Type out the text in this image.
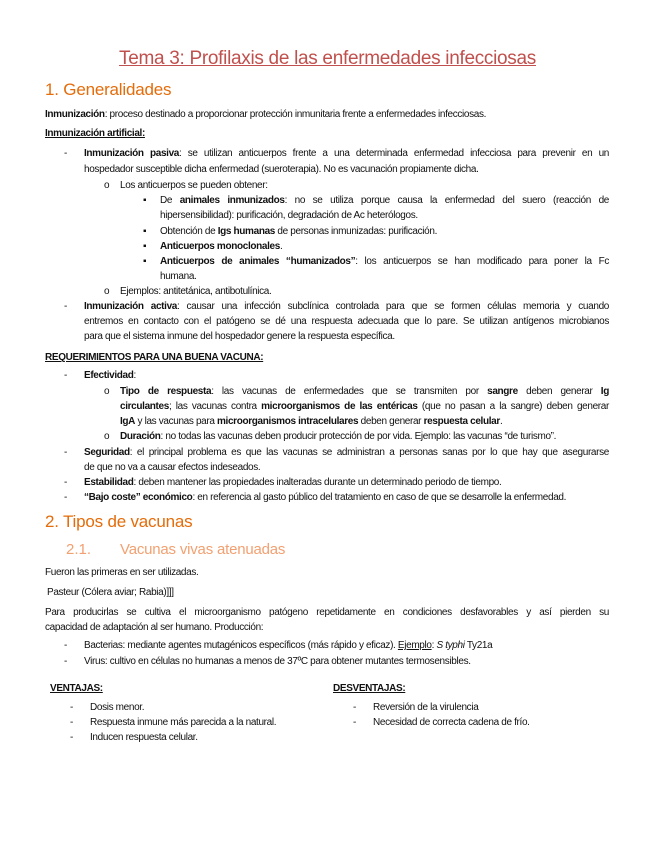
Tema 3: Profilaxis de las enfermedades infecciosas
1. Generalidades
Inmunización: proceso destinado a proporcionar protección inmunitaria frente a enfermedades infecciosas.
Inmunización artificial:
- Inmunización pasiva: se utilizan anticuerpos frente a una determinada enfermedad infecciosa para prevenir en un
hospedador susceptible dicha enfermedad (sueroterapia). No es vacunación propiamente dicha.
o Los anticuerpos se pueden obtener:
▪ De animales inmunizados: no se utiliza porque causa la enfermedad del suero (reacción de
hipersensibilidad): purificación, degradación de Ac heterólogos.
▪ Obtención de Igs humanas de personas inmunizadas: purificación.
▪ Anticuerpos monoclonales.
▪ Anticuerpos de animales “humanizados”: los anticuerpos se han modificado para poner la Fc
humana.
o Ejemplos: antitetánica, antibotulínica.
- Inmunización activa: causar una infección subclínica controlada para que se formen células memoria y cuando
entremos en contacto con el patógeno se dé una respuesta adecuada que lo pare. Se utilizan antígenos microbianos
para que el sistema inmune del hospedador genere la respuesta específica.
REQUERIMIENTOS PARA UNA BUENA VACUNA:
- Efectividad:
o Tipo de respuesta: las vacunas de enfermedades que se transmiten por sangre deben generar Ig
circulantes; las vacunas contra microorganismos de las entéricas (que no pasan a la sangre) deben generar
IgA y las vacunas para microorganismos intracelulares deben generar respuesta celular.
o Duración: no todas las vacunas deben producir protección de por vida. Ejemplo: las vacunas “de turismo”.
- Seguridad: el principal problema es que las vacunas se administran a personas sanas por lo que hay que asegurarse
de que no va a causar efectos indeseados.
- Estabilidad: deben mantener las propiedades inalteradas durante un determinado periodo de tiempo.
- “Bajo coste” económico: en referencia al gasto público del tratamiento en caso de que se desarrolle la enfermedad.
2. Tipos de vacunas
2.1. Vacunas vivas atenuadas
Fueron las primeras en ser utilizadas.
Pasteur (Cólera aviar; Rabia)]]]
Para producirlas se cultiva el microorganismo patógeno repetidamente en condiciones desfavorables y así pierden su
capacidad de adaptación al ser humano. Producción:
- Bacterias: mediante agentes mutagénicos específicos (más rápido y eficaz). Ejemplo: S typhi Ty21a
- Virus: cultivo en células no humanas a menos de 37ºC para obtener mutantes termosensibles.
VENTAJAS:	DESVENTAJAS:
- Dosis menor.
- Respuesta inmune más parecida a la natural.
- Inducen respuesta celular.
- Reversión de la virulencia
- Necesidad de correcta cadena de frío.
